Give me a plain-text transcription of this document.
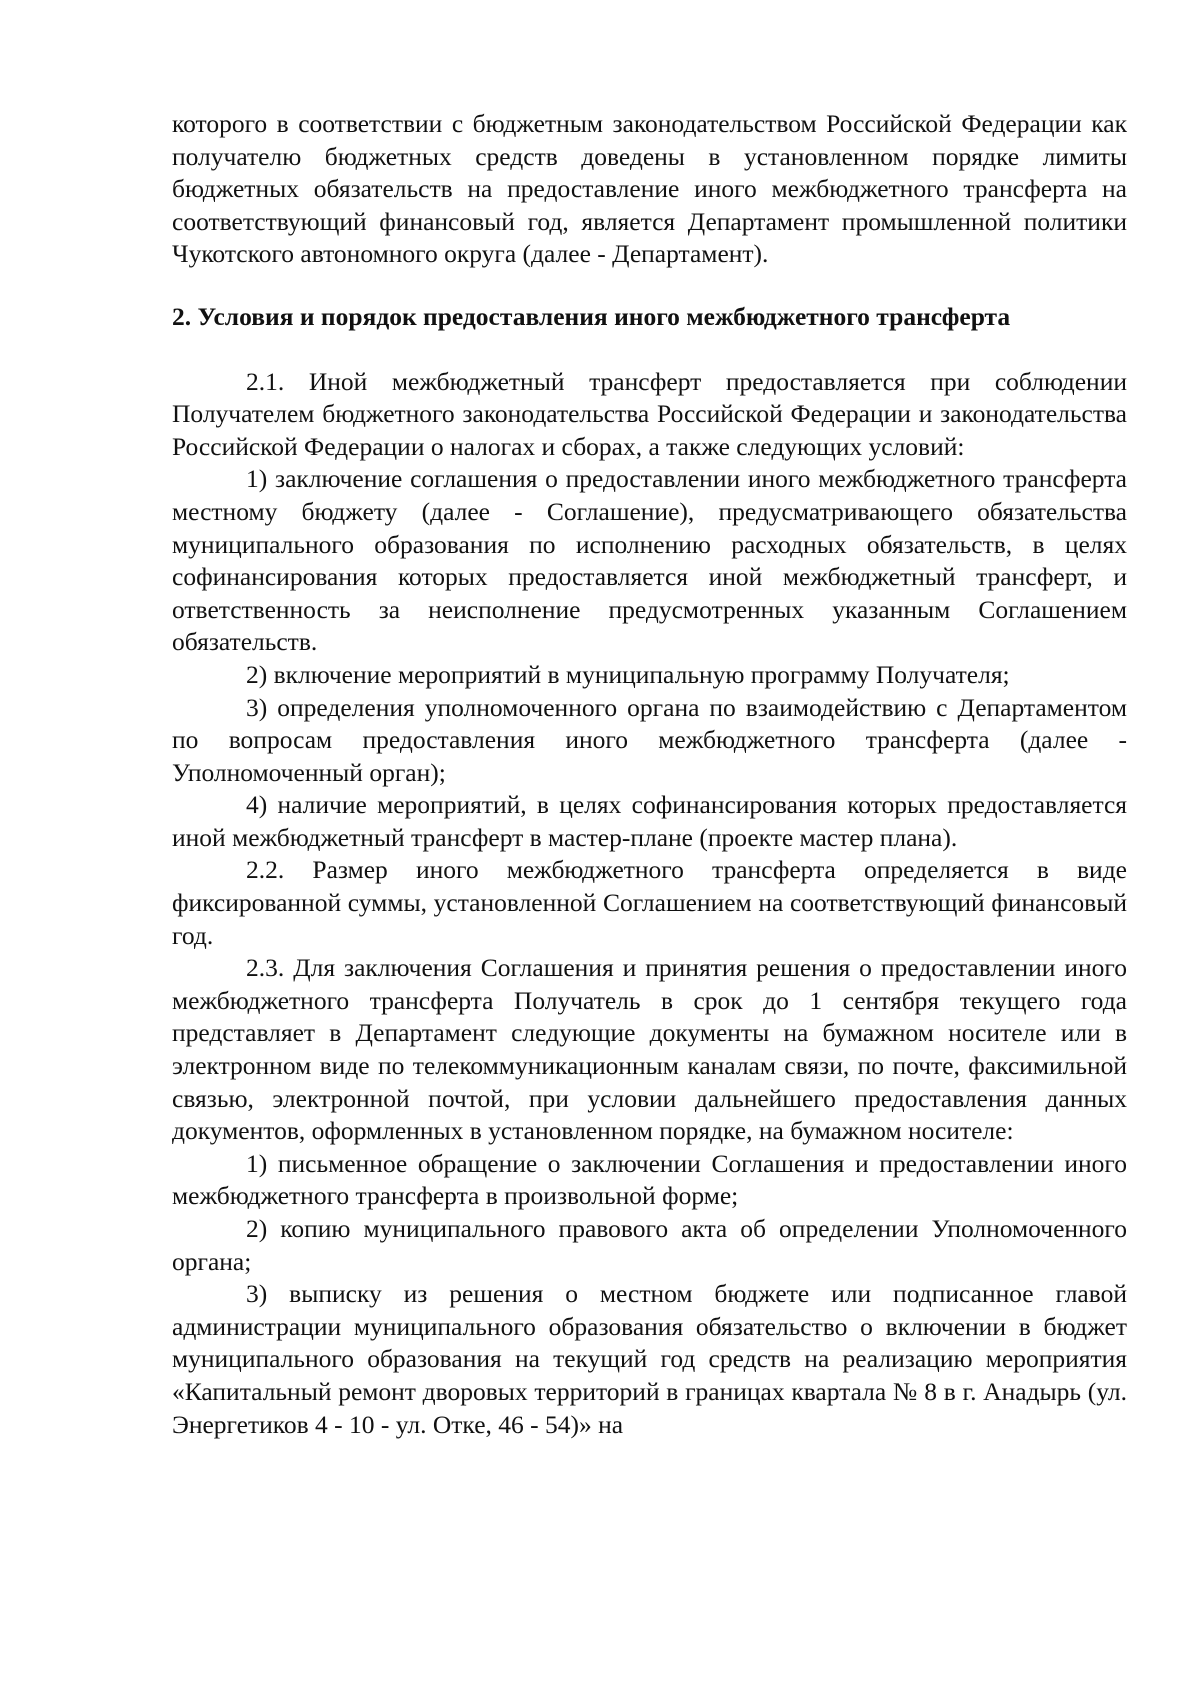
которого в соответствии с бюджетным законодательством Российской Федерации как получателю бюджетных средств доведены в установленном порядке лимиты бюджетных обязательств на предоставление иного межбюджетного трансферта на соответствующий финансовый год, является Департамент промышленной политики Чукотского автономного округа (далее - Департамент).

2. Условия и порядок предоставления иного межбюджетного трансферта

2.1. Иной межбюджетный трансферт предоставляется при соблюдении Получателем бюджетного законодательства Российской Федерации и законодательства Российской Федерации о налогах и сборах, а также следующих условий:

1) заключение соглашения о предоставлении иного межбюджетного трансферта местному бюджету (далее - Соглашение), предусматривающего обязательства муниципального образования по исполнению расходных обязательств, в целях софинансирования которых предоставляется иной межбюджетный трансферт, и ответственность за неисполнение предусмотренных указанным Соглашением обязательств.

2) включение мероприятий в муниципальную программу Получателя;

3) определения уполномоченного органа по взаимодействию с Департаментом по вопросам предоставления иного межбюджетного трансферта (далее - Уполномоченный орган);

4) наличие мероприятий, в целях софинансирования которых предоставляется иной межбюджетный трансферт в мастер-плане (проекте мастер плана).

2.2. Размер иного межбюджетного трансферта определяется в виде фиксированной суммы, установленной Соглашением на соответствующий финансовый год.

2.3. Для заключения Соглашения и принятия решения о предоставлении иного межбюджетного трансферта Получатель в срок до 1 сентября текущего года представляет в Департамент следующие документы на бумажном носителе или в электронном виде по телекоммуникационным каналам связи, по почте, факсимильной связью, электронной почтой, при условии дальнейшего предоставления данных документов, оформленных в установленном порядке, на бумажном носителе:

1) письменное обращение о заключении Соглашения и предоставлении иного межбюджетного трансферта в произвольной форме;

2) копию муниципального правового акта об определении Уполномоченного органа;

3) выписку из решения о местном бюджете или подписанное главой администрации муниципального образования обязательство о включении в бюджет муниципального образования на текущий год средств на реализацию мероприятия «Капитальный ремонт дворовых территорий в границах квартала № 8 в г. Анадырь (ул. Энергетиков 4 - 10 - ул. Отке, 46 - 54)» на
